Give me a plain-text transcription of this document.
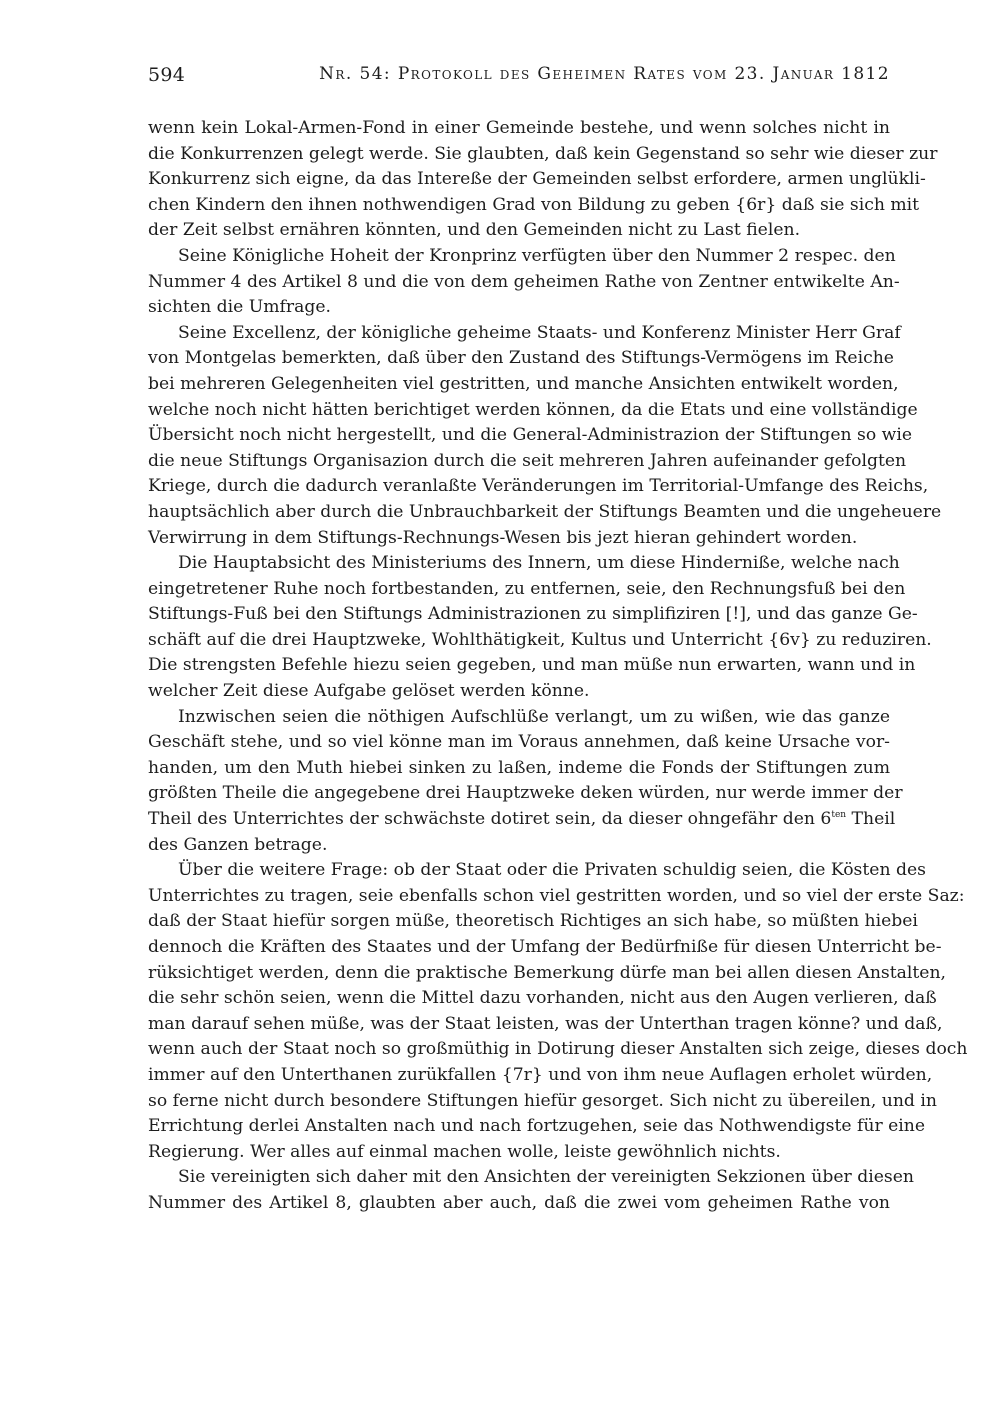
594	Nr. 54: Protokoll des Geheimen Rates vom 23. Januar 1812
wenn kein Lokal-Armen-Fond in einer Gemeinde bestehe, und wenn solches nicht in
die Konkurrenzen gelegt werde. Sie glaubten, daß kein Gegenstand so sehr wie dieser zur
Konkurrenz sich eigne, da das Intereße der Gemeinden selbst erfordere, armen unglükli-
chen Kindern den ihnen nothwendigen Grad von Bildung zu geben {6r} daß sie sich mit
der Zeit selbst ernähren könnten, und den Gemeinden nicht zu Last fielen.
Seine Königliche Hoheit der Kronprinz verfügten über den Nummer 2 respec. den
Nummer 4 des Artikel 8 und die von dem geheimen Rathe von Zentner entwikelte An-
sichten die Umfrage.
Seine Excellenz, der königliche geheime Staats- und Konferenz Minister Herr Graf
von Montgelas bemerkten, daß über den Zustand des Stiftungs-Vermögens im Reiche
bei mehreren Gelegenheiten viel gestritten, und manche Ansichten entwikelt worden,
welche noch nicht hätten berichtiget werden können, da die Etats und eine vollständige
Übersicht noch nicht hergestellt, und die General-Administrazion der Stiftungen so wie
die neue Stiftungs Organisazion durch die seit mehreren Jahren aufeinander gefolgten
Kriege, durch die dadurch veranlaßte Veränderungen im Territorial-Umfange des Reichs,
hauptsächlich aber durch die Unbrauchbarkeit der Stiftungs Beamten und die ungeheuere
Verwirrung in dem Stiftungs-Rechnungs-Wesen bis jezt hieran gehindert worden.
Die Hauptabsicht des Ministeriums des Innern, um diese Hinderniße, welche nach
eingetretener Ruhe noch fortbestanden, zu entfernen, seie, den Rechnungsfuß bei den
Stiftungs-Fuß bei den Stiftungs Administrazionen zu simplifiziren [!], und das ganze Ge-
schäft auf die drei Hauptzweke, Wohlthätigkeit, Kultus und Unterricht {6v} zu reduziren.
Die strengsten Befehle hiezu seien gegeben, und man müße nun erwarten, wann und in
welcher Zeit diese Aufgabe gelöset werden könne.
Inzwischen seien die nöthigen Aufschlüße verlangt, um zu wißen, wie das ganze
Geschäft stehe, und so viel könne man im Voraus annehmen, daß keine Ursache vor-
handen, um den Muth hiebei sinken zu laßen, indeme die Fonds der Stiftungen zum
größten Theile die angegebene drei Hauptzweke deken würden, nur werde immer der
Theil des Unterrichtes der schwächste dotiret sein, da dieser ohngefähr den $6^{ten}$ Theil
des Ganzen betrage.
Über die weitere Frage: ob der Staat oder die Privaten schuldig seien, die Kösten des
Unterrichtes zu tragen, seie ebenfalls schon viel gestritten worden, und so viel der erste Saz:
daß der Staat hiefür sorgen müße, theoretisch Richtiges an sich habe, so müßten hiebei
dennoch die Kräften des Staates und der Umfang der Bedürfniße für diesen Unterricht be-
rüksichtiget werden, denn die praktische Bemerkung dürfe man bei allen diesen Anstalten,
die sehr schön seien, wenn die Mittel dazu vorhanden, nicht aus den Augen verlieren, daß
man darauf sehen müße, was der Staat leisten, was der Unterthan tragen könne? und daß,
wenn auch der Staat noch so großmüthig in Dotirung dieser Anstalten sich zeige, dieses doch
immer auf den Unterthanen zurükfallen {7r} und von ihm neue Auflagen erholet würden,
so ferne nicht durch besondere Stiftungen hiefür gesorget. Sich nicht zu übereilen, und in
Errichtung derlei Anstalten nach und nach fortzugehen, seie das Nothwendigste für eine
Regierung. Wer alles auf einmal machen wolle, leiste gewöhnlich nichts.
Sie vereinigten sich daher mit den Ansichten der vereinigten Sekzionen über diesen
Nummer des Artikel 8, glaubten aber auch, daß die zwei vom geheimen Rathe von
